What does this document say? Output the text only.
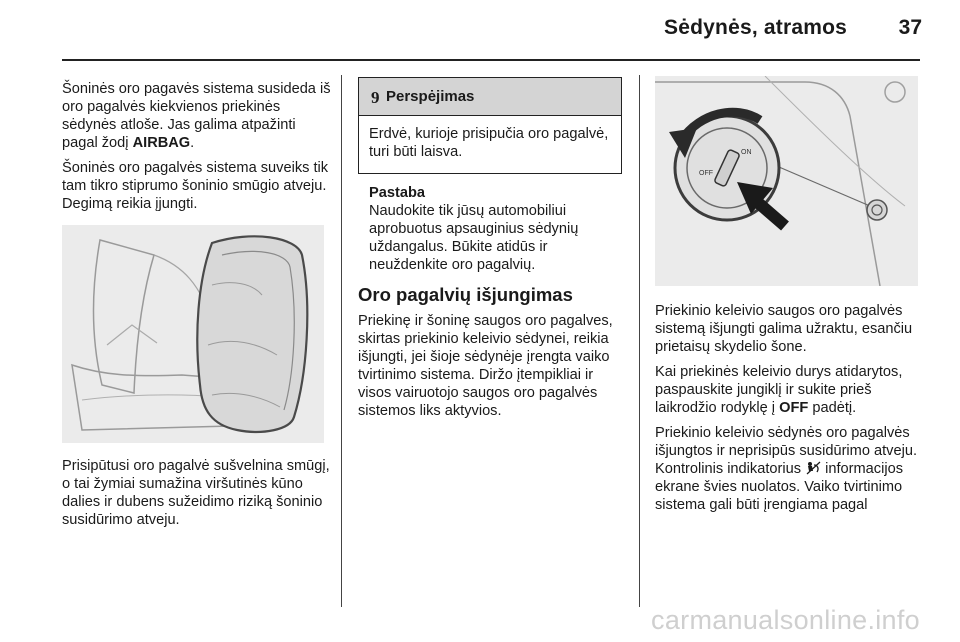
Sėdynės, atramos 37

Šoninės oro pagavės sistema susideda iš oro pagalvės kiekvienos priekinės sėdynės atlošе. Jas galima atpažinti pagal žodį AIRBAG.

Šoninės oro pagalvės sistema suveiks tik tam tikro stiprumo šoninio smūgio atveju. Degimą reikia įjungti.

Prisipūtusi oro pagalvė sušvelnina smūgį, o tai žymiai sumažina viršutinės kūno dalies ir dubens sužeidimo riziką šoninio susidūrimo atveju.

9 Perspėjimas
Erdvė, kurioje prisipučia oro pagalvė, turi būti laisva.
Pastaba
Naudokite tik jūsų automobiliui aprobuotus apsauginius sėdynių uždangalus. Būkite atidūs ir neuždenkite oro pagalvių.
Oro pagalvių išjungimas
Priekinę ir šoninę saugos oro pagalves, skirtas priekinio keleivio sėdynei, reikia išjungti, jei šioje sėdynėje įrengta vaiko tvirtinimo sistema. Diržo įtempikliai ir visos vairuotojo saugos oro pagalvės sistemos liks aktyvios.
ON
OFF

Priekinio keleivio saugos oro pagalvės sistemą išjungti galima užraktu, esančiu prietaisų skydelio šone.

Kai priekinės keleivio durys atidarytos, paspauskite jungiklį ir sukite prieš laikrodžio rodyklę į OFF padėtį.

Priekinio keleivio sėdynės oro pagalvės išjungtos ir neprisipūs susidūrimo atveju. Kontrolinis indikatorius  informacijos ekrane švies nuolatos. Vaiko tvirtinimo sistema gali būti įrengiama pagal

carmanualsonline.info
